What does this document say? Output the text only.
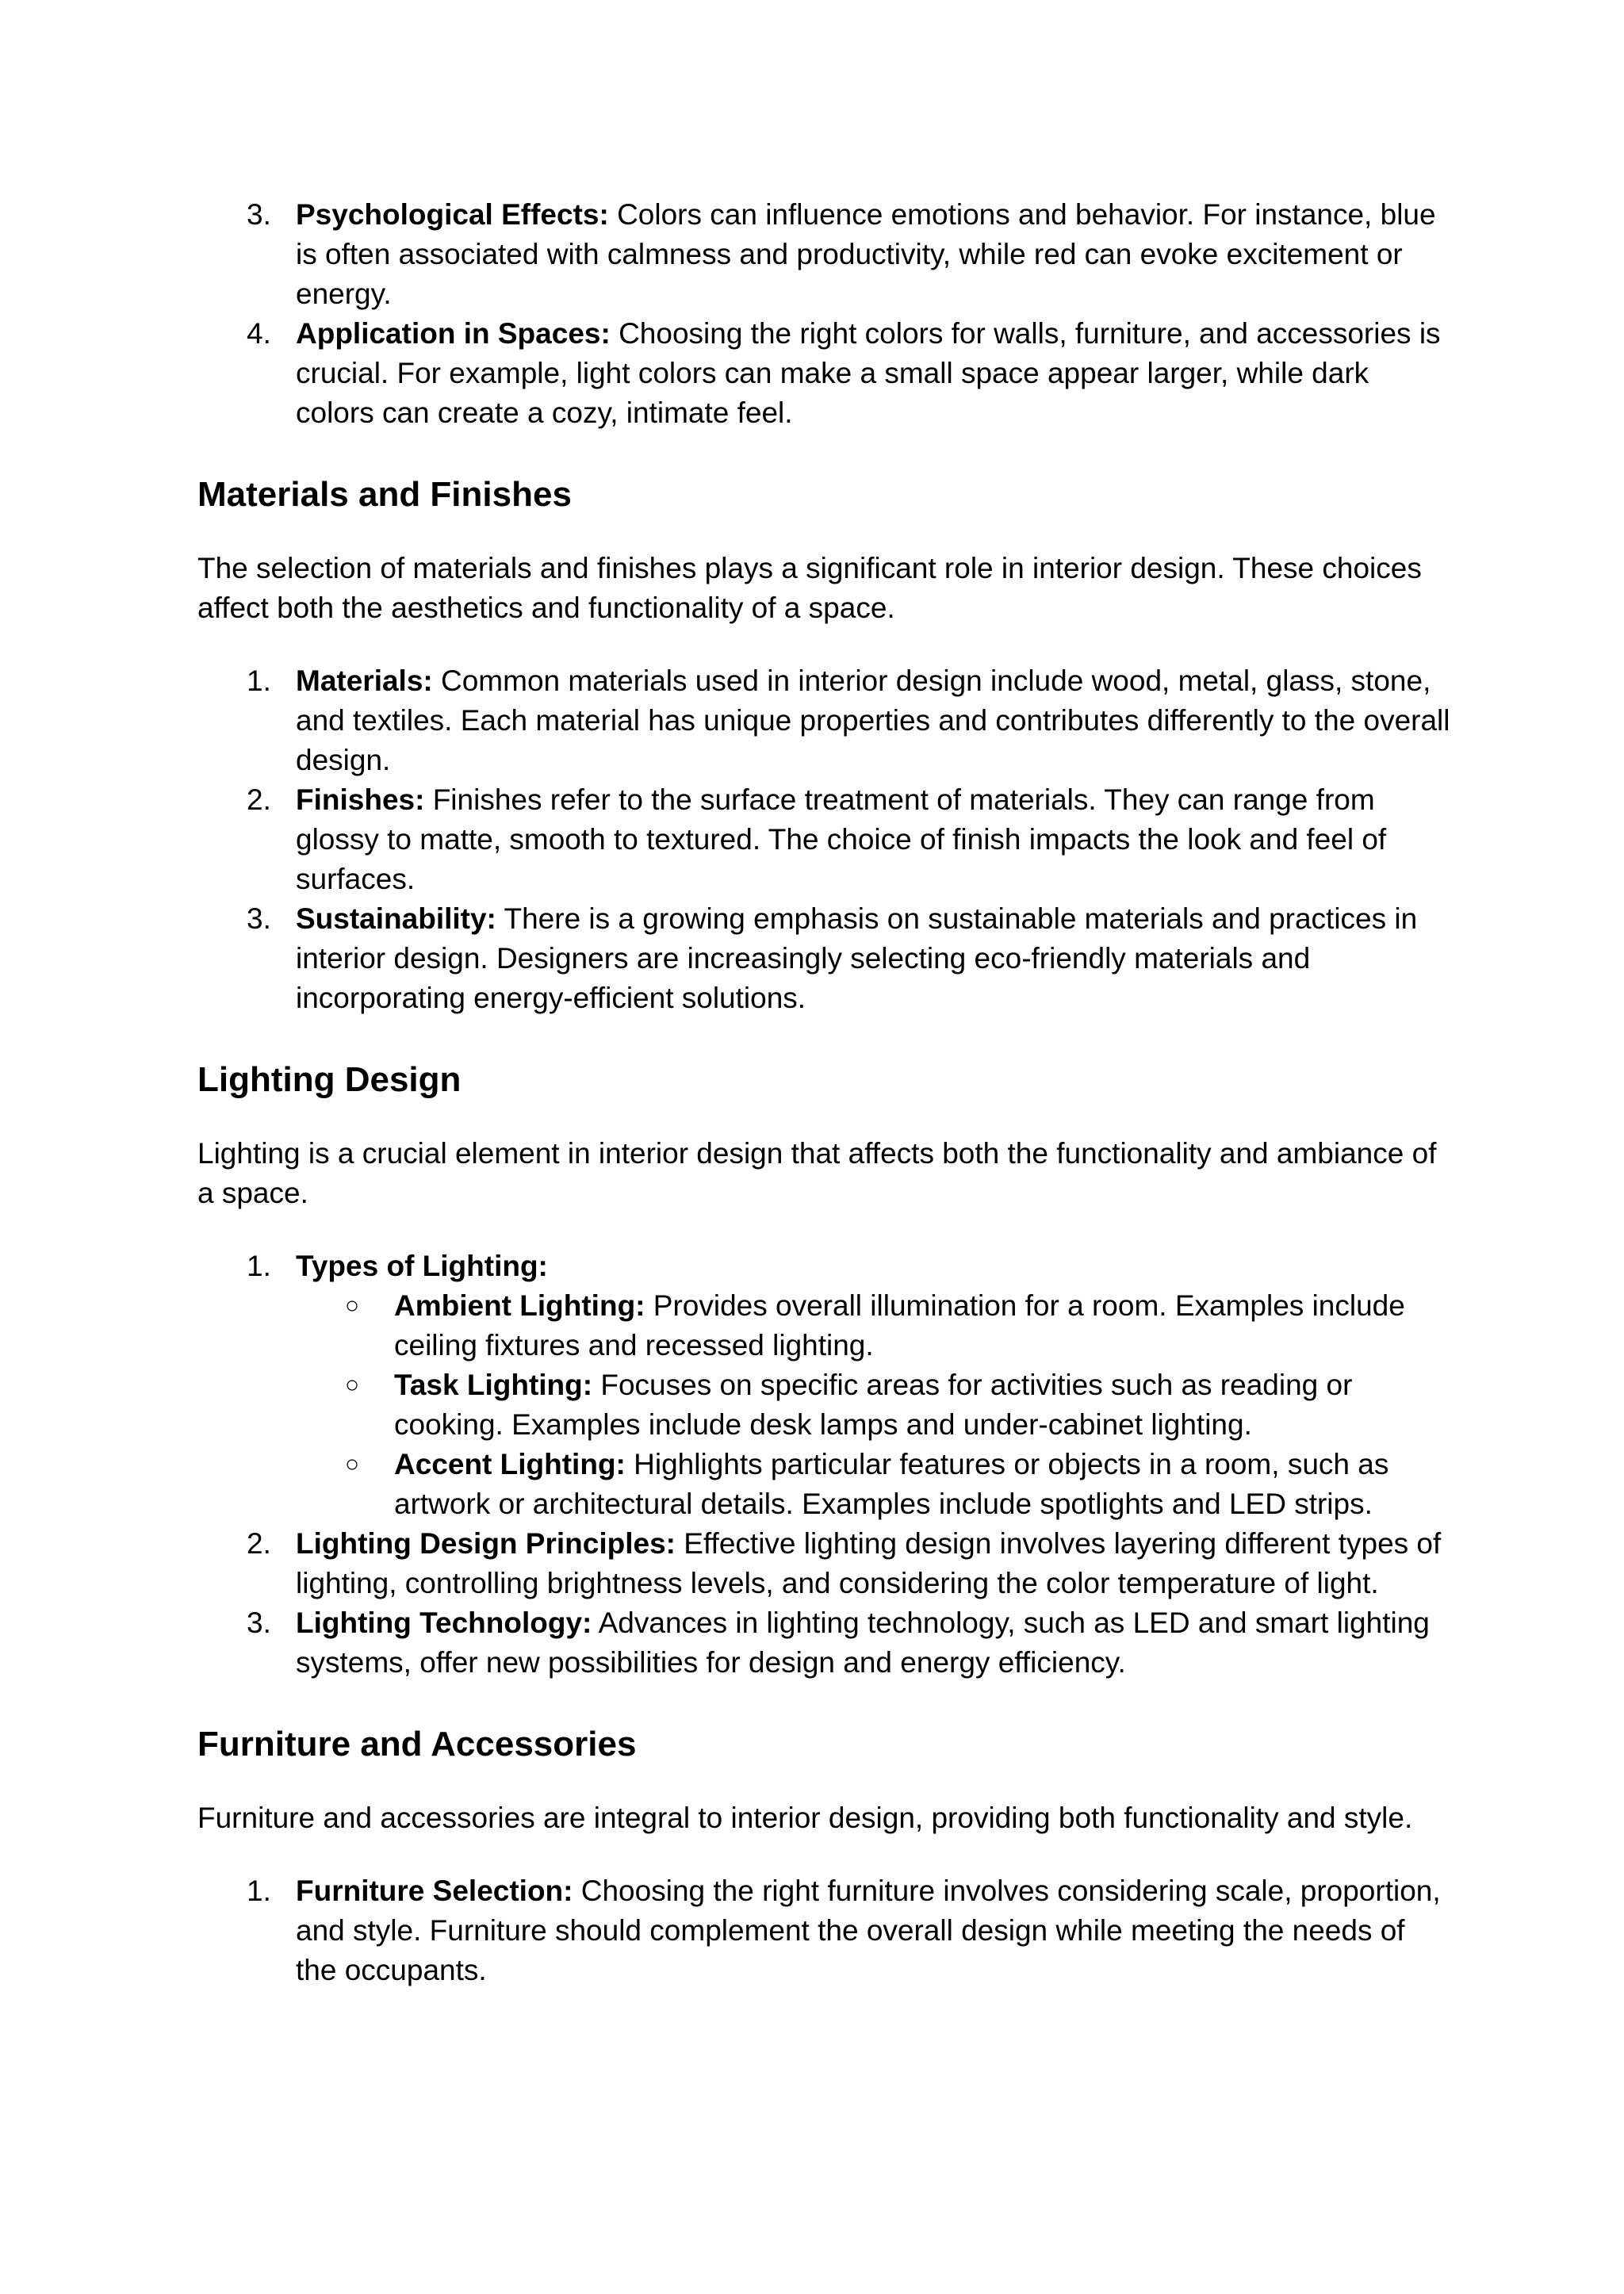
3. Psychological Effects: Colors can influence emotions and behavior. For instance, blue is often associated with calmness and productivity, while red can evoke excitement or energy.
4. Application in Spaces: Choosing the right colors for walls, furniture, and accessories is crucial. For example, light colors can make a small space appear larger, while dark colors can create a cozy, intimate feel.
Materials and Finishes

The selection of materials and finishes plays a significant role in interior design. These choices affect both the aesthetics and functionality of a space.

1. Materials: Common materials used in interior design include wood, metal, glass, stone, and textiles. Each material has unique properties and contributes differently to the overall design.
2. Finishes: Finishes refer to the surface treatment of materials. They can range from glossy to matte, smooth to textured. The choice of finish impacts the look and feel of surfaces.
3. Sustainability: There is a growing emphasis on sustainable materials and practices in interior design. Designers are increasingly selecting eco-friendly materials and incorporating energy-efficient solutions.
Lighting Design

Lighting is a crucial element in interior design that affects both the functionality and ambiance of a space.

1. Types of Lighting:
○ Ambient Lighting: Provides overall illumination for a room. Examples include ceiling fixtures and recessed lighting.
○ Task Lighting: Focuses on specific areas for activities such as reading or cooking. Examples include desk lamps and under-cabinet lighting.
○ Accent Lighting: Highlights particular features or objects in a room, such as artwork or architectural details. Examples include spotlights and LED strips.
2. Lighting Design Principles: Effective lighting design involves layering different types of lighting, controlling brightness levels, and considering the color temperature of light.
3. Lighting Technology: Advances in lighting technology, such as LED and smart lighting systems, offer new possibilities for design and energy efficiency.
Furniture and Accessories

Furniture and accessories are integral to interior design, providing both functionality and style.

1. Furniture Selection: Choosing the right furniture involves considering scale, proportion, and style. Furniture should complement the overall design while meeting the needs of the occupants.
